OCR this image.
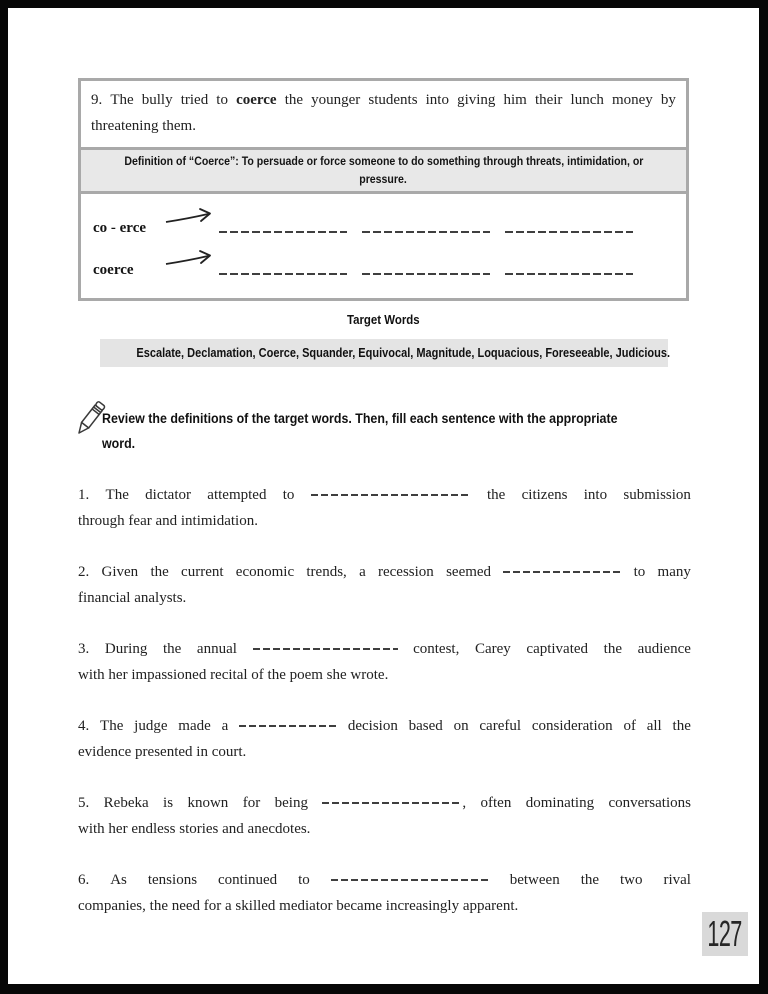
9. The bully tried to coerce the younger students into giving him their lunch money by
threatening them.
Definition of “Coerce”: To persuade or force someone to do something through threats, intimidation, or
pressure.
co - erce
coerce
Target Words
Escalate, Declamation, Coerce, Squander, Equivocal, Magnitude, Loquacious, Foreseeable, Judicious.
Review the definitions of the target words. Then, fill each sentence with the appropriate
word.

1. The dictator attempted to	the citizens into submission
through fear and intimidation.

2. Given the current economic trends, a recession seemed	to many
financial analysts.

3. During the annual	contest, Carey captivated the audience
with her impassioned recital of the poem she wrote.

4. The judge made a	decision based on careful consideration of all the
evidence presented in court.

5. Rebeka is known for being	, often dominating conversations
with her endless stories and anecdotes.

6. As tensions continued to	between the two rival
companies, the need for a skilled mediator became increasingly apparent.

127
